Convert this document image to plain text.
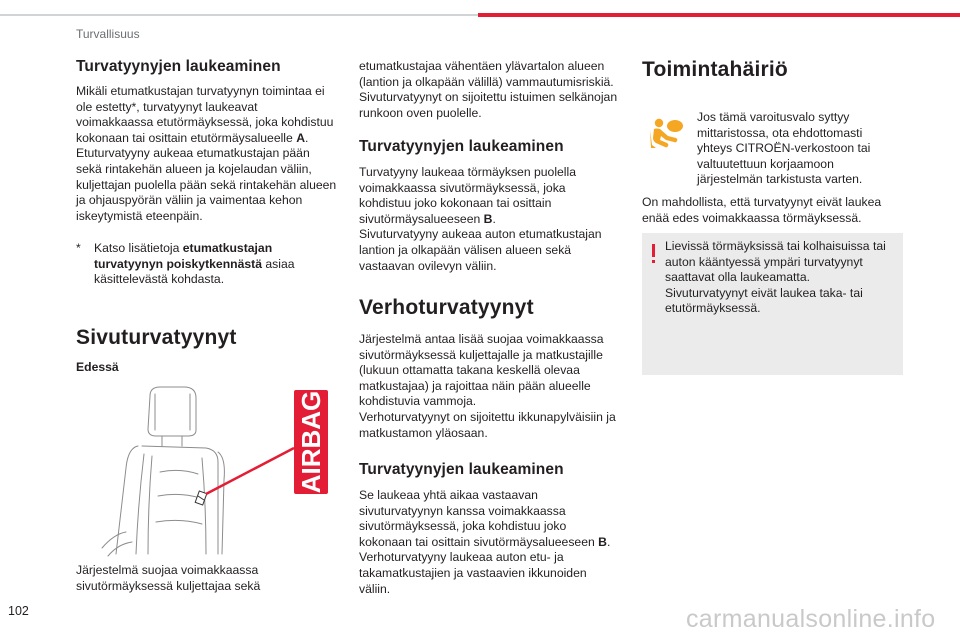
Turvallisuus
Turvatyynyjen laukeaminen

Mikäli etumatkustajan turvatyynyn toimintaa ei ole estetty*, turvatyynyt laukeavat voimakkaassa etutörmäyksessä, joka kohdistuu kokonaan tai osittain etutörmäysalueelle A.

Etuturvatyyny aukeaa etumatkustajan pään sekä rintakehän alueen ja kojelaudan väliin, kuljettajan puolella pään sekä rintakehän alueen ja ohjauspyörän väliin ja vaimentaa kehon iskeytymistä eteenpäin.

* Katso lisätietoja etumatkustajan turvatyynyn poiskytkennästä asiaa käsittelevästä kohdasta.
Sivuturvatyynyt
Edessä
AIRBAG
Järjestelmä suojaa voimakkaassa sivutörmäyksessä kuljettajaa sekä

etumatkustajaa vähentäen ylävartalon alueen (lantion ja olkapään välillä) vammautumisriskiä.

Sivuturvatyynyt on sijoitettu istuimen selkänojan runkoon oven puolelle.

Turvatyynyjen laukeaminen

Turvatyyny laukeaa törmäyksen puolella voimakkaassa sivutörmäyksessä, joka kohdistuu joko kokonaan tai osittain sivutörmäysalueeseen B.

Sivuturvatyyny aukeaa auton etumatkustajan lantion ja olkapään välisen alueen sekä vastaavan ovilevyn väliin.

Verhoturvatyynyt

Järjestelmä antaa lisää suojaa voimakkaassa sivutörmäyksessä kuljettajalle ja matkustajille (lukuun ottamatta takana keskellä olevaa matkustajaa) ja rajoittaa näin pään alueelle kohdistuvia vammoja.

Verhoturvatyynyt on sijoitettu ikkunapylväisiin ja matkustamon yläosaan.

Turvatyynyjen laukeaminen

Se laukeaa yhtä aikaa vastaavan sivuturvatyynyn kanssa voimakkaassa sivutörmäyksessä, joka kohdistuu joko kokonaan tai osittain sivutörmäysalueeseen B.

Verhoturvatyyny laukeaa auton etu- ja takamatkustajien ja vastaavien ikkunoiden väliin.

Toimintahäiriö
Jos tämä varoitusvalo syttyy mittaristossa, ota ehdottomasti yhteys CITROËN-verkostoon tai valtuutettuun korjaamoon järjestelmän tarkistusta varten.
On mahdollista, että turvatyynyt eivät laukea enää edes voimakkaassa törmäyksessä.

Lievissä törmäyksissä tai kolhaisuissa tai auton kääntyessä ympäri turvatyynyt saattavat olla laukeamatta.

Sivuturvatyynyt eivät laukea taka- tai etutörmäyksessä.

102	carmanualsonline.info
